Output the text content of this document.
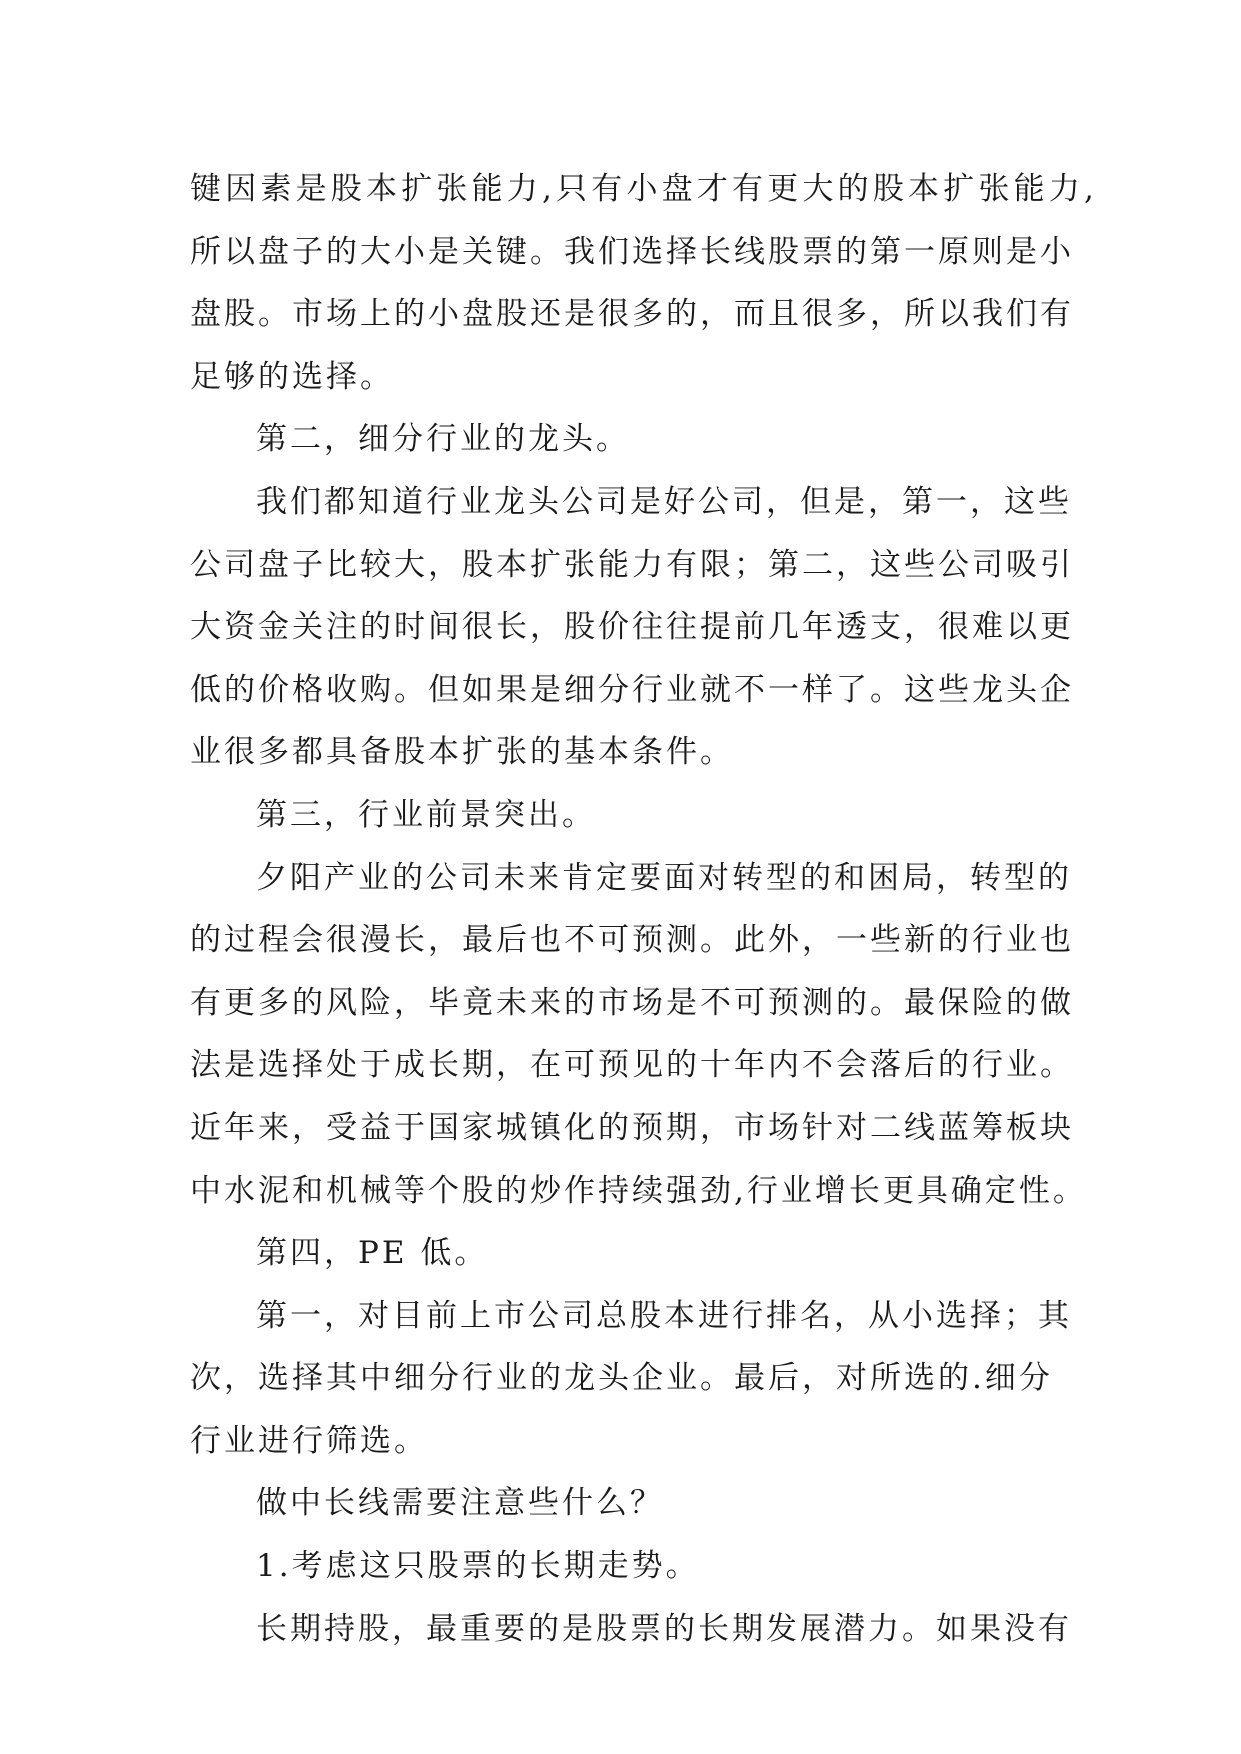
键因素是股本扩张能力,只有小盘才有更大的股本扩张能力,
所以盘子的大小是关键。我们选择长线股票的第一原则是小
盘股。市场上的小盘股还是很多的，而且很多，所以我们有
足够的选择。
第二，细分行业的龙头。
我们都知道行业龙头公司是好公司，但是，第一，这些
公司盘子比较大，股本扩张能力有限；第二，这些公司吸引
大资金关注的时间很长，股价往往提前几年透支，很难以更
低的价格收购。但如果是细分行业就不一样了。这些龙头企
业很多都具备股本扩张的基本条件。
第三，行业前景突出。
夕阳产业的公司未来肯定要面对转型的和困局，转型的
的过程会很漫长，最后也不可预测。此外，一些新的行业也
有更多的风险，毕竟未来的市场是不可预测的。最保险的做
法是选择处于成长期，在可预见的十年内不会落后的行业。
近年来，受益于国家城镇化的预期，市场针对二线蓝筹板块
中水泥和机械等个股的炒作持续强劲,行业增长更具确定性。
第四，PE 低。
第一，对目前上市公司总股本进行排名，从小选择；其
次，选择其中细分行业的龙头企业。最后，对所选的.细分
行业进行筛选。
做中长线需要注意些什么？
1.考虑这只股票的长期走势。
长期持股，最重要的是股票的长期发展潜力。如果没有
